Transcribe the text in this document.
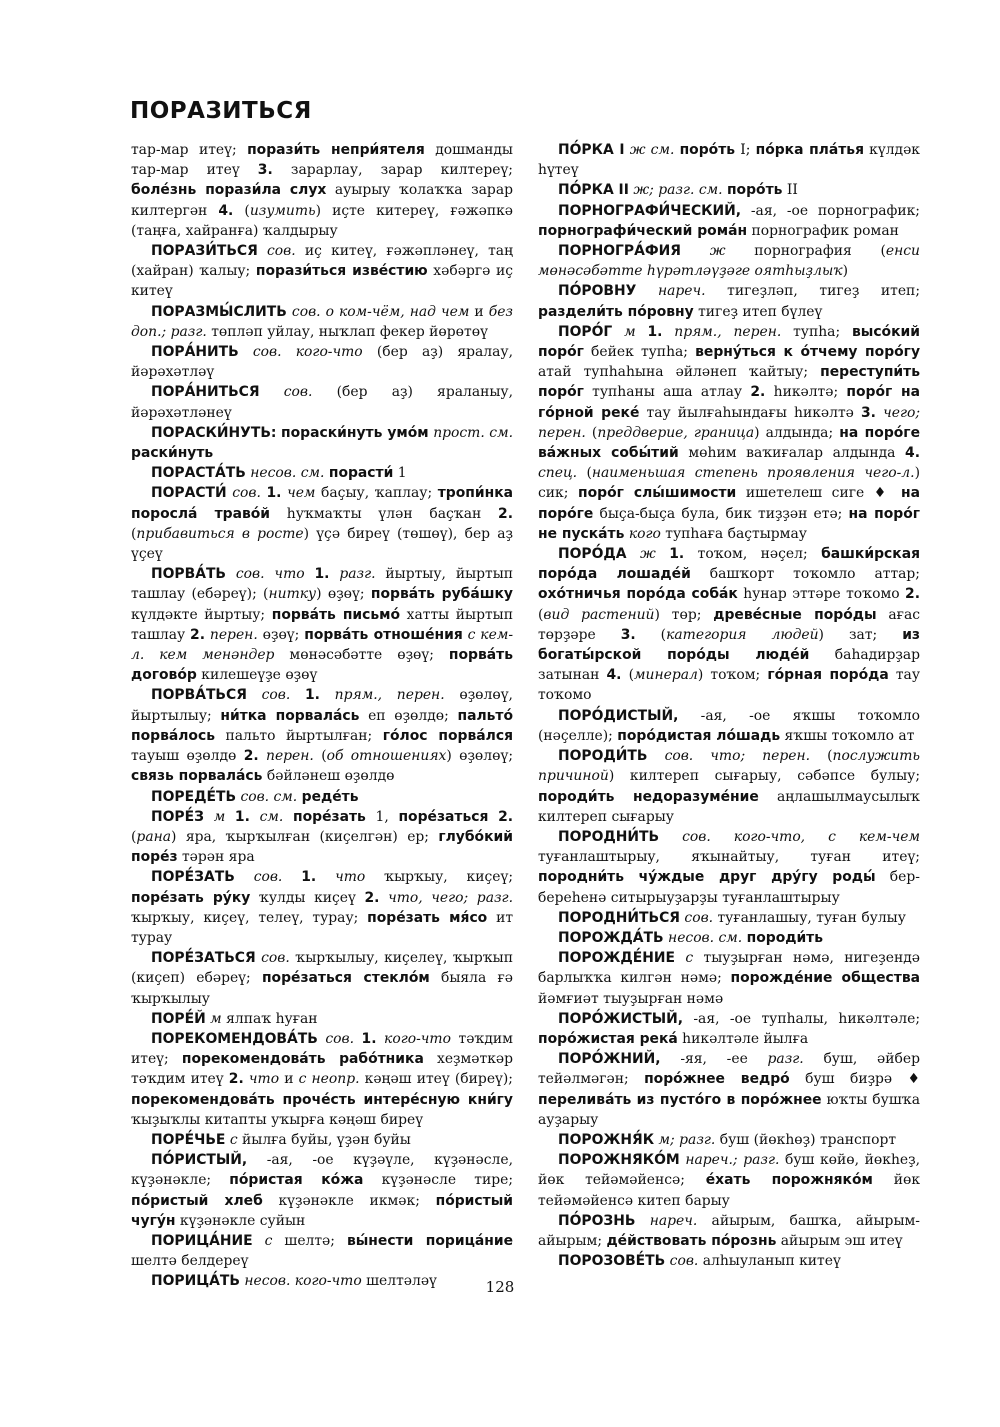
ПОРАЗИТЬСЯ

тар-мар итеү; порази́ть непри́ятеля дошманды тар-мар итеү 3. зарарлау, зарар килтереү; боле́знь порази́ла слух ауырыу ҡолаҡҡа зарар килтергән 4. (изумить) иҫте китереү, ғәжәпкә (таңға, хайранға) ҡалдырыу

ПОРАЗИ́ТЬСЯ сов. иҫ китеү, ғәжәпләнеү, таң (хайран) ҡалыу; порази́ться изве́стию хәбәргә иҫ китеү

ПОРАЗМЫ́СЛИТЬ сов. о ком-чём, над чем и без доп.; разг. төпләп уйлау, ныҡлап фекер йөрөтөү

ПОРА́НИТЬ сов. кого-что (бер аҙ) яралау, йәрәхәтләү

ПОРА́НИТЬСЯ сов. (бер аҙ) яраланыу, йәрәхәтләнеү

ПОРАСКИ́НУТЬ: пораски́нуть умо́м прост. см. раски́нуть

ПОРАСТА́ТЬ несов. см. порасти́ 1

ПОРАСТИ́ сов. 1. чем баҫыу, ҡаплау; тропи́нка поросла́ траво́й һуҡмаҡты үлән баҫҡан 2. (прибавиться в росте) үҫә биреү (төшөү), бер аҙ үҫеү

ПОРВА́ТЬ сов. что 1. разг. йыртыу, йыртып ташлау (ебәреү); (нитку) өҙөү; порва́ть руба́шку күлдәкте йыртыу; порва́ть письмо́ хатты йыртып ташлау 2. перен. өҙөү; порва́ть отноше́ния с кем-л. кем менәндер мөнәсәбәтте өҙөү; порва́ть догово́р килешеүҙе өҙөү

ПОРВА́ТЬСЯ сов. 1. прям., перен. өҙөлөү, йыртылыу; ни́тка порвала́сь еп өҙөлдө; пальто́ порва́лось пальто йыртылған; го́лос порва́лся тауыш өҙөлдө 2. перен. (об отношениях) өҙөлөү; связь порвала́сь бәйләнеш өҙөлдө

ПОРЕДЕ́ТЬ сов. см. реде́ть

ПОРЕ́З м 1. см. поре́зать 1, поре́заться 2. (рана) яра, ҡырҡылған (киҫелгән) ер; глубо́кий поре́з тәрән яра

ПОРЕ́ЗАТЬ сов. 1. что ҡырҡыу, киҫеү; поре́зать ру́ку ҡулды киҫеү 2. что, чего; разг. ҡырҡыу, киҫеү, телеү, турау; поре́зать мя́со ит турау

ПОРЕ́ЗАТЬСЯ сов. ҡырҡылыу, киҫелеү, ҡырҡып (киҫеп) ебәреү; поре́заться стекло́м быяла ғә ҡырҡылыу

ПОРЕ́Й м ялпаҡ һуған

ПОРЕКОМЕНДОВА́ТЬ сов. 1. кого-что тәҡдим итеү; порекомендова́ть рабо́тника хеҙмәткәр тәҡдим итеү 2. что и с неопр. кәңәш итеү (биреү); порекомендова́ть проче́сть интере́сную кни́гу ҡыҙыҡлы китапты уҡырға кәңәш биреү

ПОРЕ́ЧЬЕ с йылға буйы, үҙән буйы

ПО́РИСТЫЙ, -ая, -ое күҙәүле, күҙәнәсле, күҙәнәкле; по́ристая ко́жа күҙәнәсле тире; по́ристый хлеб күҙәнәкле икмәк; по́ристый чугу́н күҙәнәкле суйын

ПОРИЦА́НИЕ с шелтә; вы́нести порица́ние шелтә белдереү

ПОРИЦА́ТЬ несов. кого-что шелтәләү

ПО́РКА I ж см. поро́ть I; по́рка пла́тья күлдәк һүтеү

ПО́РКА II ж; разг. см. поро́ть II

ПОРНОГРАФИ́ЧЕСКИЙ, -ая, -ое порнографик; порнографи́ческий рома́н порнографик роман

ПОРНОГРА́ФИЯ ж порнография (енси мөнәсәбәтте һүрәтләүҙәге оятһыҙлыҡ)

ПО́РОВНУ нареч. тигеҙләп, тигеҙ итеп; раздели́ть по́ровну тигеҙ итеп бүлеү

ПОРО́Г м 1. прям., перен. тупһа; высо́кий поро́г бейек тупһа; верну́ться к о́тчему поро́гу атай тупһаһына әйләнеп ҡайтыу; переступи́ть поро́г тупһаны аша атлау 2. һикәлтә; поро́г на го́рной реке́ тау йылғаһындағы һикәлтә 3. чего; перен. (преддверие, граница) алдында; на поро́ге ва́жных собы́тий мөһим ваҡиғалар алдында 4. спец. (наименьшая степень проявления чего-л.) сик; поро́г слы́шимости ишетелеш сиге ♦ на поро́ге быҫа-быҫа була, бик тиҙҙән етә; на поро́г не пуска́ть кого тупһаға баҫтырмау

ПОРО́ДА ж 1. тоҡом, нәҫел; башки́рская поро́да лошаде́й башҡорт тоҡомло аттар; охо́тничья поро́да соба́к һунар эттәре тоҡомо 2. (вид растений) төр; древе́сные поро́ды ағас төрҙәре 3. (категория людей) зат; из богаты́рской поро́ды люде́й баһадирҙар затынан 4. (минерал) тоҡом; го́рная поро́да тау тоҡомо

ПОРО́ДИСТЫЙ, -ая, -ое яҡшы тоҡомло (нәҫелле); поро́дистая ло́шадь яҡшы тоҡомло ат

ПОРОДИ́ТЬ сов. что; перен. (послужить причиной) килтереп сығарыу, сәбәпсе булыу; породи́ть недоразуме́ние аңлашылмаусылыҡ килтереп сығарыу

ПОРОДНИ́ТЬ сов. кого-что, с кем-чем туғанлаштырыу, яҡынайтыу, туған итеү; породни́ть чу́ждые друг дру́гу роды́ бер-береһенә ситырыуҙарҙы туғанлаштырыу

ПОРОДНИ́ТЬСЯ сов. туғанлашыу, туған булыу

ПОРОЖДА́ТЬ несов. см. породи́ть

ПОРОЖДЕ́НИЕ с тыуҙырған нәмә, нигеҙендә барлыҡҡа килгән нәмә; порожде́ние общества йәмғиәт тыуҙырған нәмә

ПОРО́ЖИСТЫЙ, -ая, -ое тупһалы, һикәлтәле; поро́жистая река́ һикәлтәле йылға

ПОРО́ЖНИЙ, -яя, -ее разг. буш, әйбер тейәлмәгән; поро́жнее ведро́ буш биҙрә ♦ перелива́ть из пусто́го в поро́жнее юҡты бушҡа ауҙарыу

ПОРОЖНЯ́К м; разг. буш (йөкһөҙ) транспорт

ПОРОЖНЯКО́М нареч.; разг. буш көйө, йөкһеҙ, йөк тейәмәйенсә; е́хать порожняко́м йөк тейәмәйенсә китеп барыу

ПО́РОЗНЬ нареч. айырым, башҡа, айырым-айырым; де́йствовать по́рознь айырым эш итеү

ПОРОЗОВЕ́ТЬ сов. алһыуланып китеү

128
